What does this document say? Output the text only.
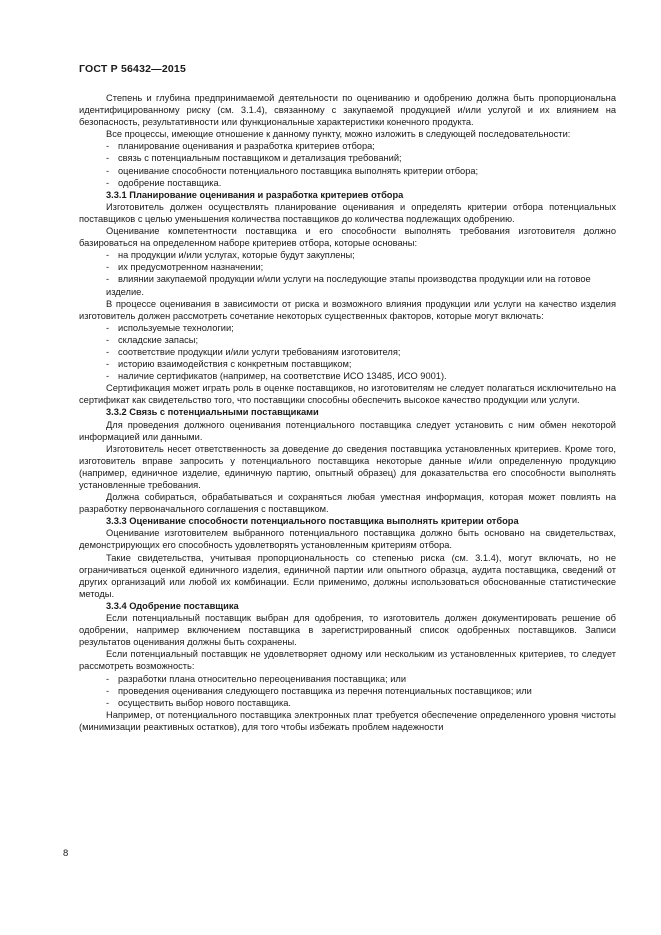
ГОСТ Р 56432—2015
Степень и глубина предпринимаемой деятельности по оцениванию и одобрению должна быть пропорциональна идентифицированному риску (см. 3.1.4), связанному с закупаемой продукцией и/или услугой и их влиянием на безопасность, результативности или функциональные характеристики конечного продукта.
Все процессы, имеющие отношение к данному пункту, можно изложить в следующей последовательности:
- планирование оценивания и разработка критериев отбора;
- связь с потенциальным поставщиком и детализация требований;
- оценивание способности потенциального поставщика выполнять критерии отбора;
- одобрение поставщика.
3.3.1 Планирование оценивания и разработка критериев отбора
Изготовитель должен осуществлять планирование оценивания и определять критерии отбора потенциальных поставщиков с целью уменьшения количества поставщиков до количества подлежащих одобрению.
Оценивание компетентности поставщика и его способности выполнять требования изготовителя должно базироваться на определенном наборе критериев отбора, которые основаны:
- на продукции и/или услугах, которые будут закуплены;
- их предусмотренном назначении;
- влиянии закупаемой продукции и/или услуги на последующие этапы производства продукции или на готовое изделие.
В процессе оценивания в зависимости от риска и возможного влияния продукции или услуги на качество изделия изготовитель должен рассмотреть сочетание некоторых существенных факторов, которые могут включать:
- используемые технологии;
- складские запасы;
- соответствие продукции и/или услуги требованиям изготовителя;
- историю взаимодействия с конкретным поставщиком;
- наличие сертификатов (например, на соответствие ИСО 13485, ИСО 9001).
Сертификация может играть роль в оценке поставщиков, но изготовителям не следует полагаться исключительно на сертификат как свидетельство того, что поставщики способны обеспечить высокое качество продукции или услуги.
3.3.2 Связь с потенциальными поставщиками
Для проведения должного оценивания потенциального поставщика следует установить с ним обмен некоторой информацией или данными.
Изготовитель несет ответственность за доведение до сведения поставщика установленных критериев. Кроме того, изготовитель вправе запросить у потенциального поставщика некоторые данные и/или определенную продукцию (например, единичное изделие, единичную партию, опытный образец) для доказательства его способности выполнять установленные требования.
Должна собираться, обрабатываться и сохраняться любая уместная информация, которая может повлиять на разработку первоначального соглашения с поставщиком.
3.3.3 Оценивание способности потенциального поставщика выполнять критерии отбора
Оценивание изготовителем выбранного потенциального поставщика должно быть основано на свидетельствах, демонстрирующих его способность удовлетворять установленным критериям отбора.
Такие свидетельства, учитывая пропорциональность со степенью риска (см. 3.1.4), могут включать, но не ограничиваться оценкой единичного изделия, единичной партии или опытного образца, аудита поставщика, сведений от других организаций или любой их комбинации. Если применимо, должны использоваться обоснованные статистические методы.
3.3.4 Одобрение поставщика
Если потенциальный поставщик выбран для одобрения, то изготовитель должен документировать решение об одобрении, например включением поставщика в зарегистрированный список одобренных поставщиков. Записи результатов оценивания должны быть сохранены.
Если потенциальный поставщик не удовлетворяет одному или нескольким из установленных критериев, то следует рассмотреть возможность:
- разработки плана относительно переоценивания поставщика; или
- проведения оценивания следующего поставщика из перечня потенциальных поставщиков; или
- осуществить выбор нового поставщика.
Например, от потенциального поставщика электронных плат требуется обеспечение определенного уровня чистоты (минимизации реактивных остатков), для того чтобы избежать проблем надежности
8
